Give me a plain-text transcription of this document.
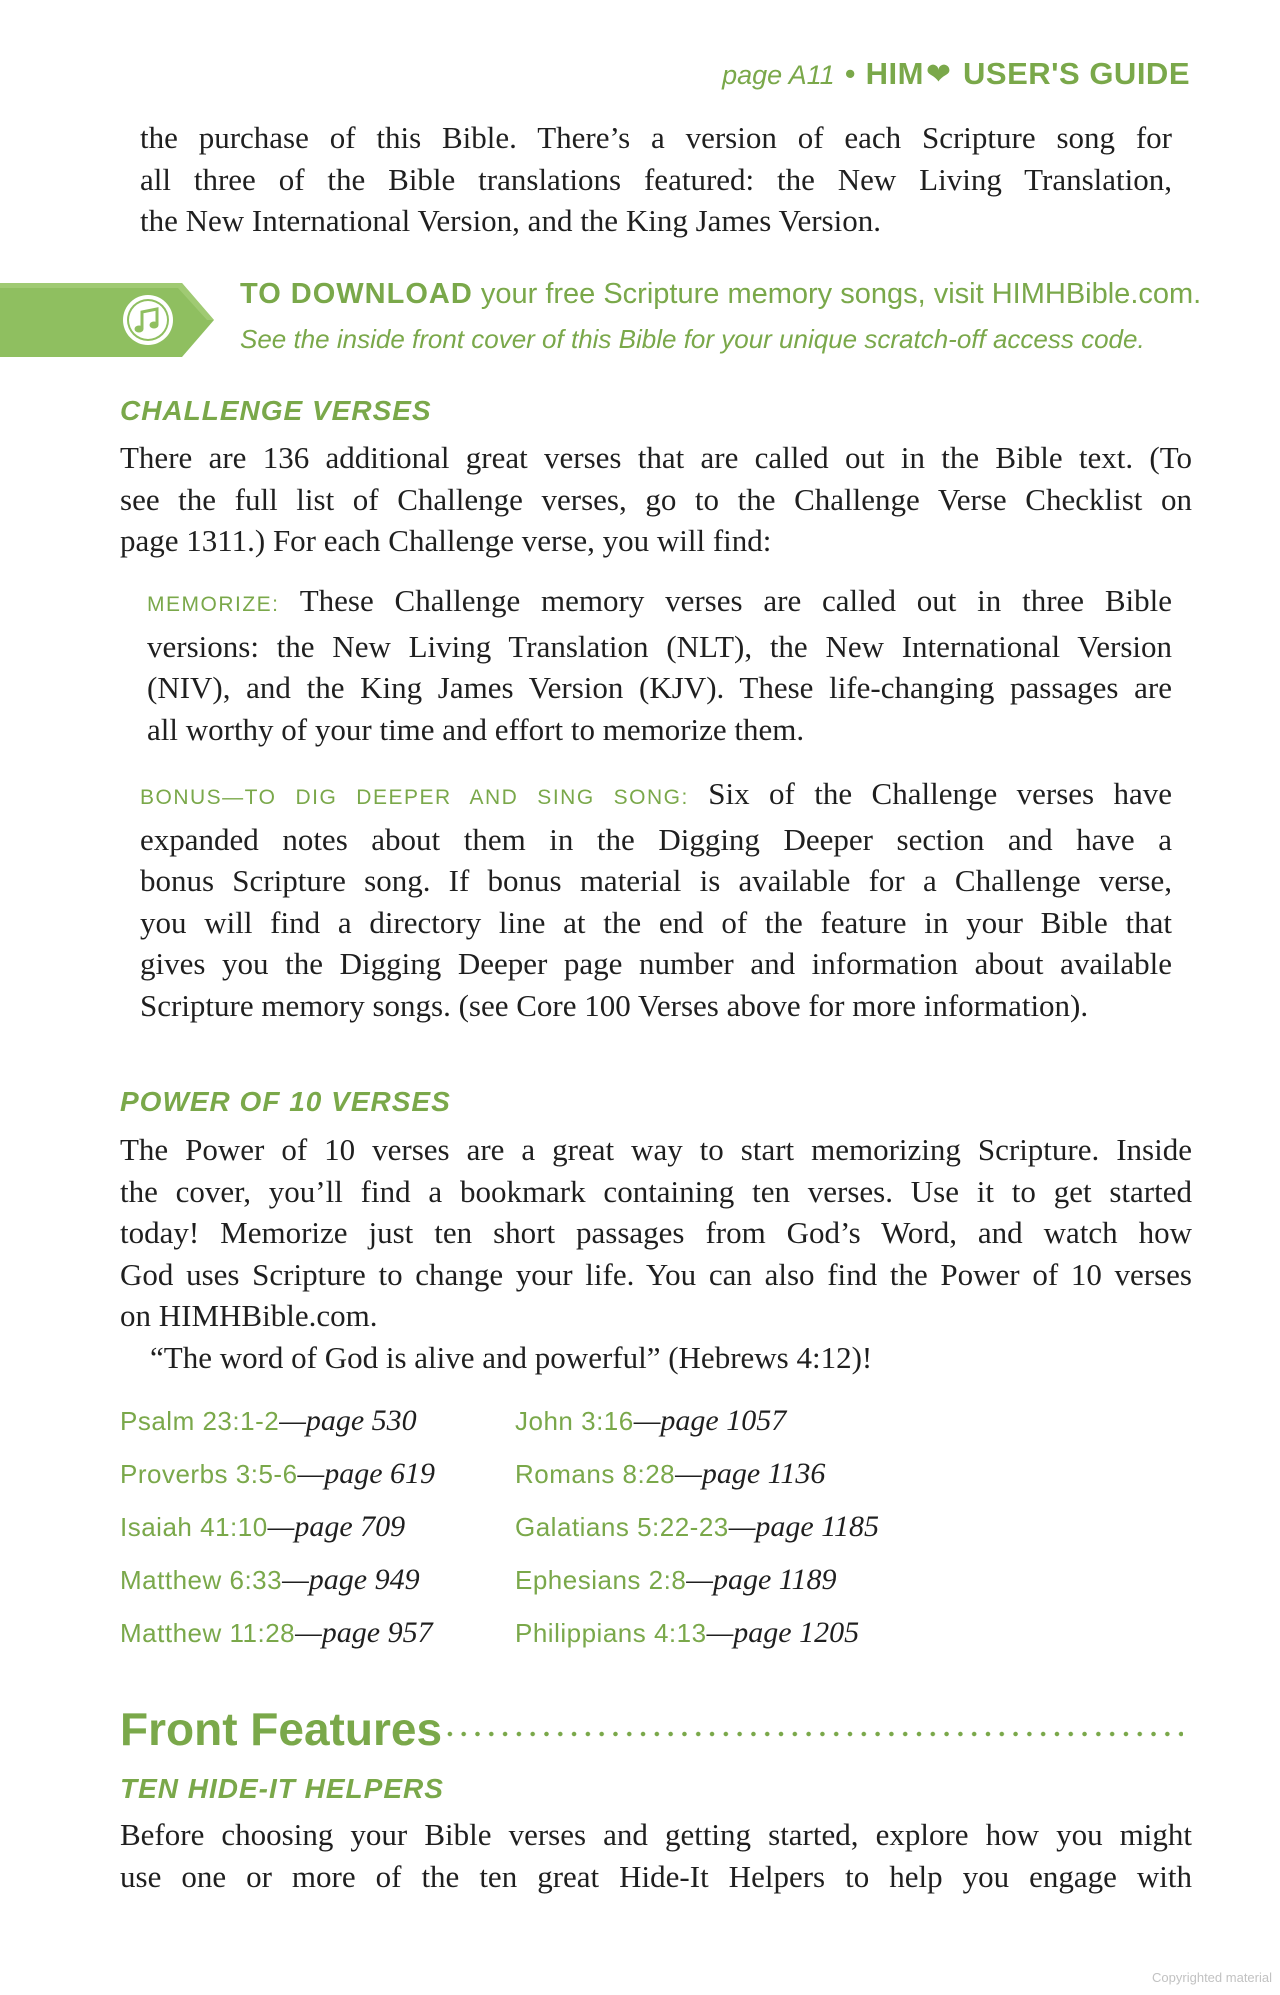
page A11 • HIM❤ USER'S GUIDE

the purchase of this Bible. There’s a version of each Scripture song for

all three of the Bible translations featured: the New Living Translation,

the New International Version, and the King James Version.

TO DOWNLOAD your free Scripture memory songs, visit HIMHBible.com.
See the inside front cover of this Bible for your unique scratch-off access code.
CHALLENGE VERSES

There are 136 additional great verses that are called out in the Bible text. (To

see the full list of Challenge verses, go to the Challenge Verse Checklist on

page 1311.) For each Challenge verse, you will find:

MEMORIZE: These Challenge memory verses are called out in three Bible

versions: the New Living Translation (NLT), the New International Version

(NIV), and the King James Version (KJV). These life-changing passages are

all worthy of your time and effort to memorize them.

BONUS—TO DIG DEEPER AND SING SONG: Six of the Challenge verses have

expanded notes about them in the Digging Deeper section and have a

bonus Scripture song. If bonus material is available for a Challenge verse,

you will find a directory line at the end of the feature in your Bible that

gives you the Digging Deeper page number and information about available

Scripture memory songs. (see Core 100 Verses above for more information).

POWER OF 10 VERSES

The Power of 10 verses are a great way to start memorizing Scripture. Inside

the cover, you’ll find a bookmark containing ten verses. Use it to get started

today! Memorize just ten short passages from God’s Word, and watch how

God uses Scripture to change your life. You can also find the Power of 10 verses

on HIMHBible.com.

“The word of God is alive and powerful” (Hebrews 4:12)!

Psalm 23:1-2—page 530
Proverbs 3:5-6—page 619
Isaiah 41:10—page 709
Matthew 6:33—page 949
Matthew 11:28—page 957
John 3:16—page 1057
Romans 8:28—page 1136
Galatians 5:22-23—page 1185
Ephesians 2:8—page 1189
Philippians 4:13—page 1205
Front Features
TEN HIDE-IT HELPERS

Before choosing your Bible verses and getting started, explore how you might

use one or more of the ten great Hide-It Helpers to help you engage with

Copyrighted material
